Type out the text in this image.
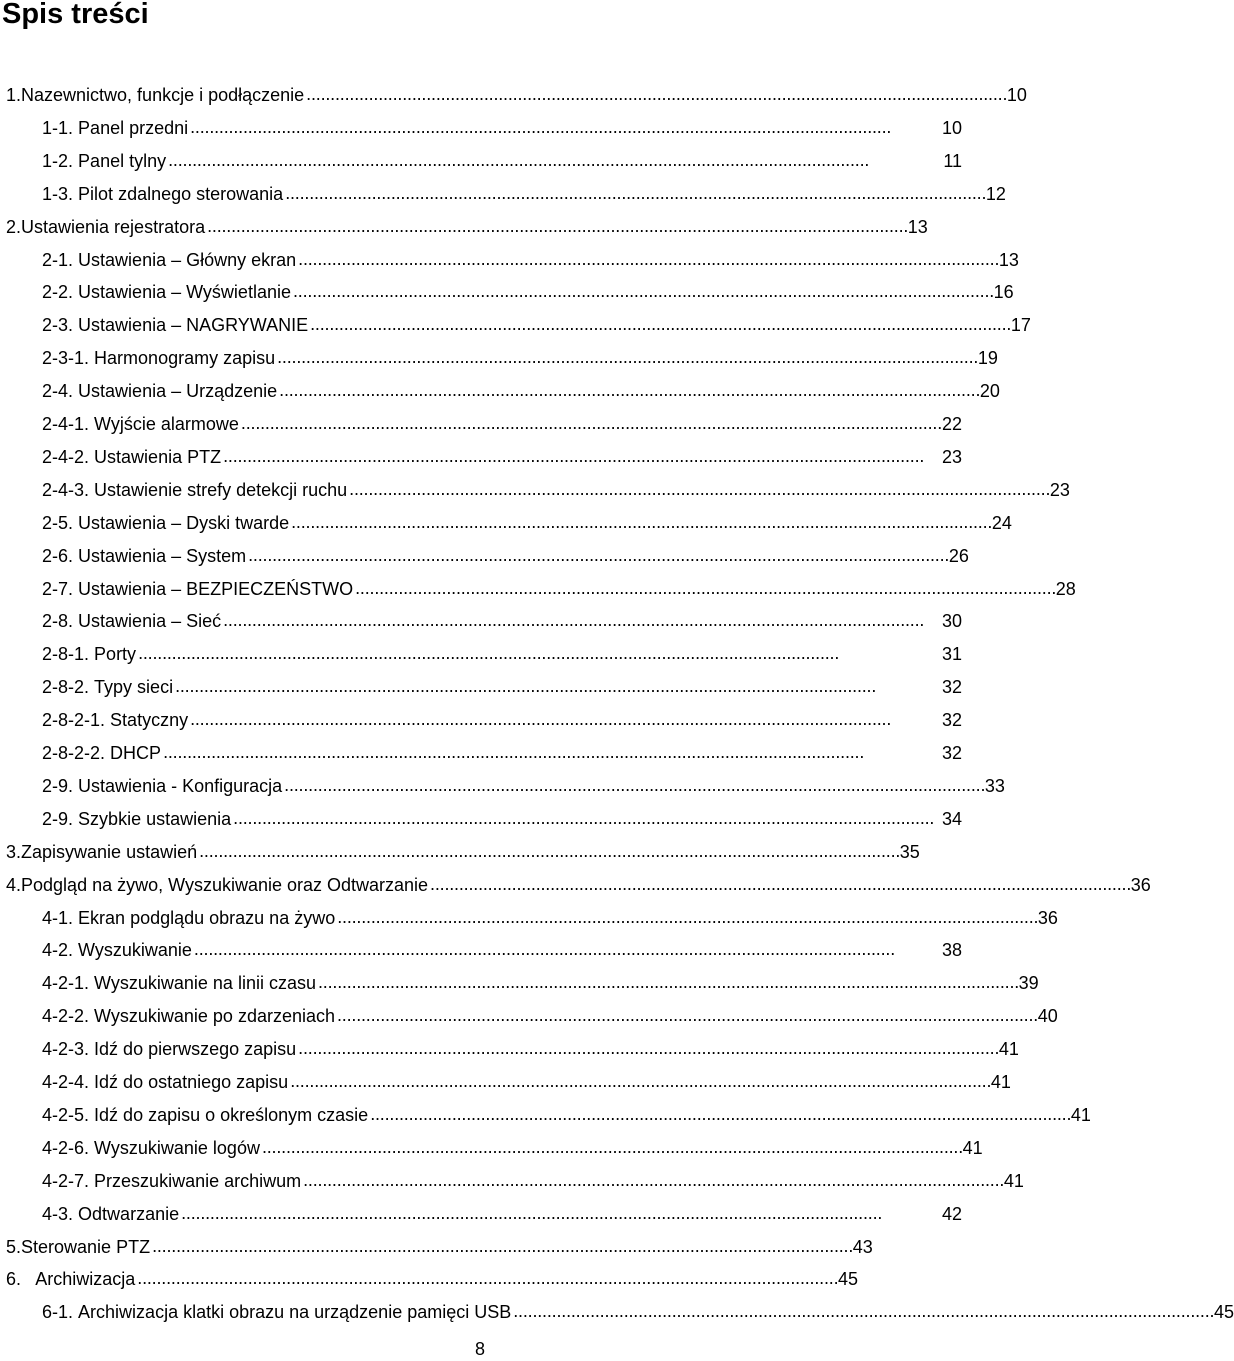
Spis treści
1. Nazewnictwo, funkcje i podłączenie . . .	10
1-1. Panel przedni . . .	10
1-2. Panel tylny . . .	11
1-3. Pilot zdalnego sterowania . . .	12
2. Ustawienia rejestratora . . .	13
2-1. Ustawienia – Główny ekran . . .	13
2-2. Ustawienia – Wyświetlanie . . .	16
2-3. Ustawienia – NAGRYWANIE . . .	17
2-3-1. Harmonogramy zapisu . . .	19
2-4. Ustawienia – Urządzenie . . .	20
2-4-1. Wyjście alarmowe . . .	22
2-4-2. Ustawienia PTZ . . .	23
2-4-3. Ustawienie strefy detekcji ruchu . . .	23
2-5. Ustawienia – Dyski twarde . . .	24
2-6. Ustawienia – System . . .	26
2-7. Ustawienia – BEZPIECZEŃSTWO . . .	28
2-8. Ustawienia – Sieć . . .	30
2-8-1. Porty . . .	31
2-8-2. Typy sieci . . .	32
2-8-2-1. Statyczny . . .	32
2-8-2-2. DHCP . . .	32
2-9. Ustawienia - Konfiguracja . . .	33
2-9. Szybkie ustawienia . . .	34
3. Zapisywanie ustawień . . .	35
4. Podgląd na żywo, Wyszukiwanie oraz Odtwarzanie . . .	36
4-1. Ekran podglądu obrazu na żywo . . .	36
4-2. Wyszukiwanie . . .	38
4-2-1. Wyszukiwanie na linii czasu . . .	39
4-2-2. Wyszukiwanie po zdarzeniach . . .	40
4-2-3. Idź do pierwszego zapisu . . .	41
4-2-4. Idź do ostatniego zapisu . . .	41
4-2-5. Idź do zapisu o określonym czasie . . .	41
4-2-6. Wyszukiwanie logów . . .	41
4-2-7. Przeszukiwanie archiwum . . .	41
4-3. Odtwarzanie . . .	42
5. Sterowanie PTZ . . .	43
6. Archiwizacja . . .	45
6-1. Archiwizacja klatki obrazu na urządzenie pamięci USB . . .	45
8
